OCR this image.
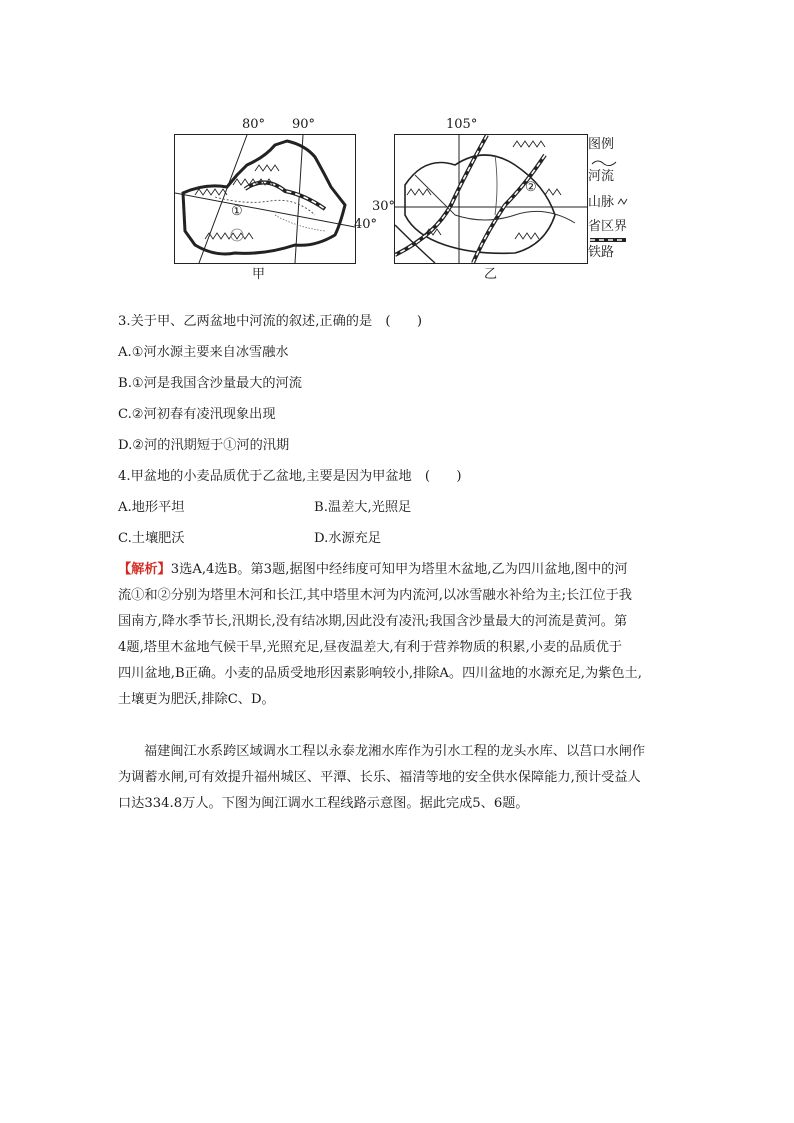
①
80° 90°
40°
甲
②
105°
30°
乙
图例
河流
山脉
省区界
铁路
3.关于甲、乙两盆地中河流的叙述,正确的是　(　　)
A.①河水源主要来自冰雪融水
B.①河是我国含沙量最大的河流
C.②河初春有凌汛现象出现
D.②河的汛期短于①河的汛期
4.甲盆地的小麦品质优于乙盆地,主要是因为甲盆地　(　　)
A.地形平坦	B.温差大,光照足
C.土壤肥沃	D.水源充足
【解析】3选A,4选B。第3题,据图中经纬度可知甲为塔里木盆地,乙为四川盆地,图中的河
流①和②分别为塔里木河和长江,其中塔里木河为内流河,以冰雪融水补给为主;长江位于我
国南方,降水季节长,汛期长,没有结冰期,因此没有凌汛;我国含沙量最大的河流是黄河。第
4题,塔里木盆地气候干旱,光照充足,昼夜温差大,有利于营养物质的积累,小麦的品质优于
四川盆地,B正确。小麦的品质受地形因素影响较小,排除A。四川盆地的水源充足,为紫色土,
土壤更为肥沃,排除C、D。
福建闽江水系跨区域调水工程以永泰龙湘水库作为引水工程的龙头水库、以莒口水闸作
为调蓄水闸,可有效提升福州城区、平潭、长乐、福清等地的安全供水保障能力,预计受益人
口达334.8万人。下图为闽江调水工程线路示意图。据此完成5、6题。
